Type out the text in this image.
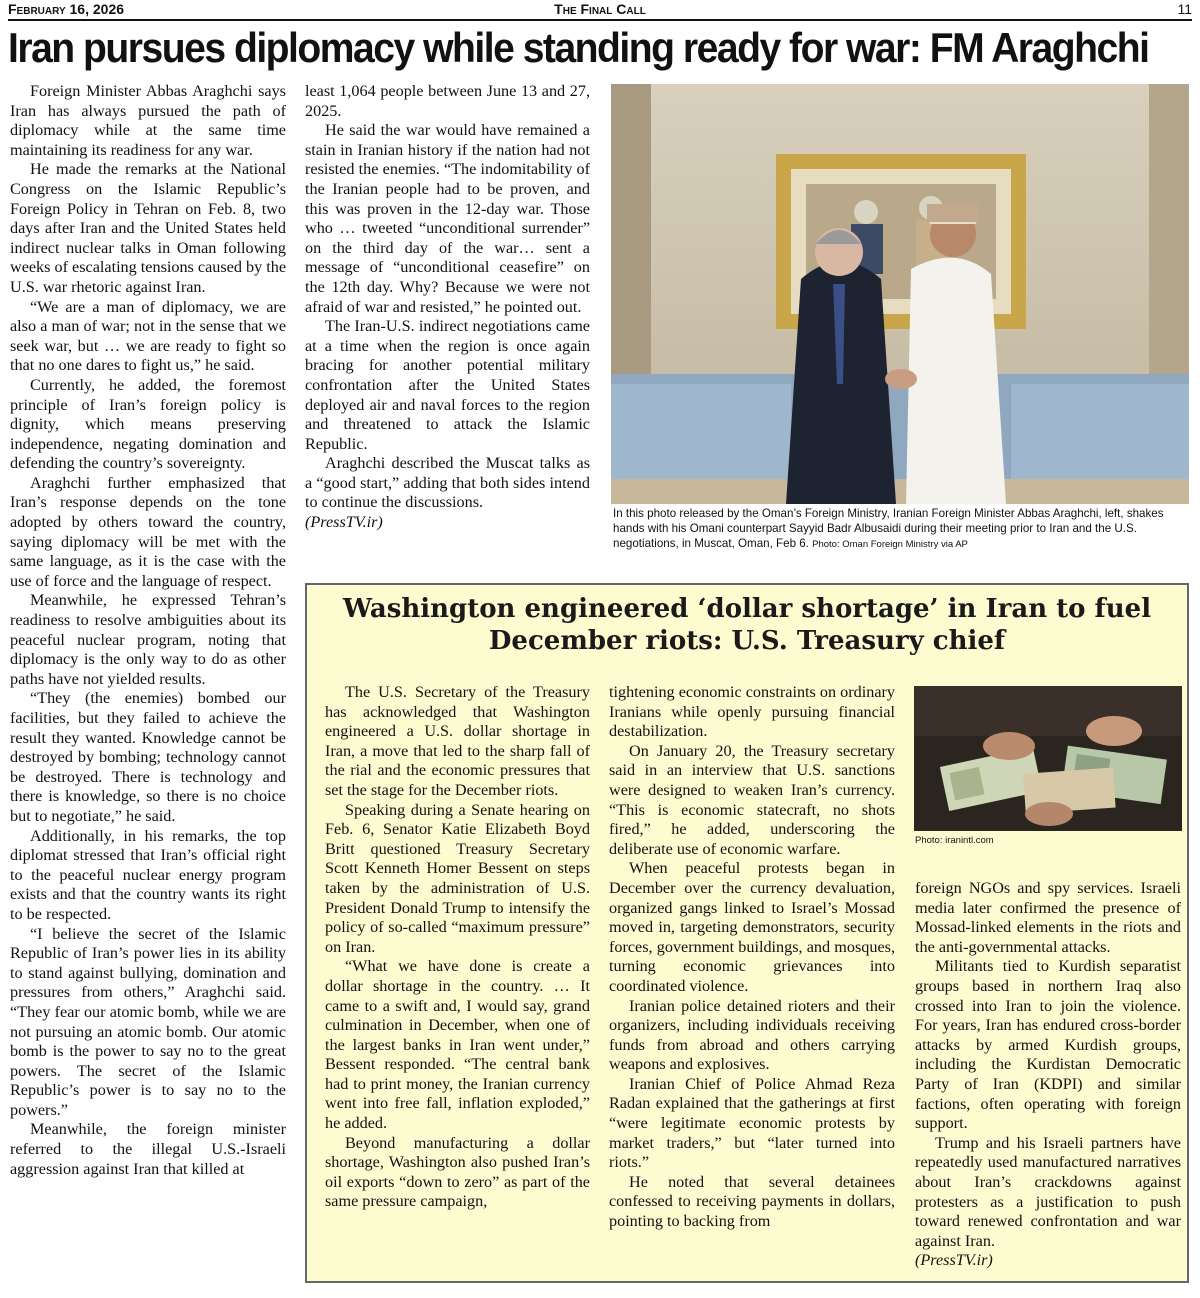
February 16, 2026	The Final Call	11
Iran pursues diplomacy while standing ready for war: FM Araghchi

Foreign Minister Abbas Araghchi says Iran has always pursued the path of diplomacy while at the same time maintaining its readiness for any war.

He made the remarks at the National Congress on the Islamic Republic’s Foreign Policy in Tehran on Feb. 8, two days after Iran and the United States held indirect nuclear talks in Oman following weeks of escalating tensions caused by the U.S. war rhetoric against Iran.

“We are a man of diplomacy, we are also a man of war; not in the sense that we seek war, but … we are ready to fight so that no one dares to fight us,” he said.

Currently, he added, the foremost principle of Iran’s foreign policy is dignity, which means preserving independence, negating domination and defending the country’s sovereignty.

Araghchi further emphasized that Iran’s response depends on the tone adopted by others toward the country, saying diplomacy will be met with the same language, as it is the case with the use of force and the language of respect.

Meanwhile, he expressed Tehran’s readiness to resolve ambiguities about its peaceful nuclear program, noting that diplomacy is the only way to do as other paths have not yielded results.

“They (the enemies) bombed our facilities, but they failed to achieve the result they wanted. Knowledge cannot be destroyed by bombing; technology cannot be destroyed. There is technology and there is knowledge, so there is no choice but to negotiate,” he said.

Additionally, in his remarks, the top diplomat stressed that Iran’s official right to the peaceful nuclear energy program exists and that the country wants its right to be respected.

“I believe the secret of the Islamic Republic of Iran’s power lies in its ability to stand against bullying, domination and pressures from others,” Araghchi said. “They fear our atomic bomb, while we are not pursuing an atomic bomb. Our atomic bomb is the power to say no to the great powers. The secret of the Islamic Republic’s power is to say no to the powers.”

Meanwhile, the foreign minister referred to the illegal U.S.-Israeli aggression against Iran that killed at

least 1,064 people between June 13 and 27, 2025.

He said the war would have remained a stain in Iranian history if the nation had not resisted the enemies. “The indomitability of the Iranian people had to be proven, and this was proven in the 12-day war. Those who … tweeted “unconditional surrender” on the third day of the war… sent a message of “unconditional ceasefire” on the 12th day. Why? Because we were not afraid of war and resisted,” he pointed out.

The Iran-U.S. indirect negotiations came at a time when the region is once again bracing for another potential military confrontation after the United States deployed air and naval forces to the region and threatened to attack the Islamic Republic.

Araghchi described the Muscat talks as a “good start,” adding that both sides intend to continue the discussions.

(PressTV.ir)	In this photo released by the Oman’s Foreign Ministry, Iranian Foreign Minister Abbas Araghchi, left, shakes hands with his Omani counterpart Sayyid Badr Albusaidi during their meeting prior to Iran and the U.S. negotiations, in Muscat, Oman, Feb 6. Photo: Oman Foreign Ministry via AP
Washington engineered ‘dollar shortage’ in Iran to fuel December riots: U.S. Treasury chief

The U.S. Secretary of the Treasury has acknowledged that Washington engineered a U.S. dollar shortage in Iran, a move that led to the sharp fall of the rial and the economic pressures that set the stage for the December riots.

Speaking during a Senate hearing on Feb. 6, Senator Katie Elizabeth Boyd Britt questioned Treasury Secretary Scott Kenneth Homer Bessent on steps taken by the administration of U.S. President Donald Trump to intensify the policy of so-called “maximum pressure” on Iran.

“What we have done is create a dollar shortage in the country. … It came to a swift and, I would say, grand culmination in December, when one of the largest banks in Iran went under,” Bessent responded. “The central bank had to print money, the Iranian currency went into free fall, inflation exploded,” he added.

Beyond manufacturing a dollar shortage, Washington also pushed Iran’s oil exports “down to zero” as part of the same pressure campaign,

tightening economic constraints on ordinary Iranians while openly pursuing financial destabilization.

On January 20, the Treasury secretary said in an interview that U.S. sanctions were designed to weaken Iran’s currency. “This is economic statecraft, no shots fired,” he added, underscoring the deliberate use of economic warfare.

When peaceful protests began in December over the currency devaluation, organized gangs linked to Israel’s Mossad moved in, targeting demonstrators, security forces, government buildings, and mosques, turning economic grievances into coordinated violence.

Iranian police detained rioters and their organizers, including individuals receiving funds from abroad and others carrying weapons and explosives.

Iranian Chief of Police Ahmad Reza Radan explained that the gatherings at first “were legitimate economic protests by market traders,” but “later turned into riots.”

He noted that several detainees confessed to receiving payments in dollars, pointing to backing from

Photo: iranintl.com

foreign NGOs and spy services. Israeli media later confirmed the presence of Mossad-linked elements in the riots and the anti-governmental attacks.

Militants tied to Kurdish separatist groups based in northern Iraq also crossed into Iran to join the violence. For years, Iran has endured cross-border attacks by armed Kurdish groups, including the Kurdistan Democratic Party of Iran (KDPI) and similar factions, often operating with foreign support.

Trump and his Israeli partners have repeatedly used manufactured narratives about Iran’s crackdowns against protesters as a justification to push toward renewed confrontation and war against Iran.

(PressTV.ir)
